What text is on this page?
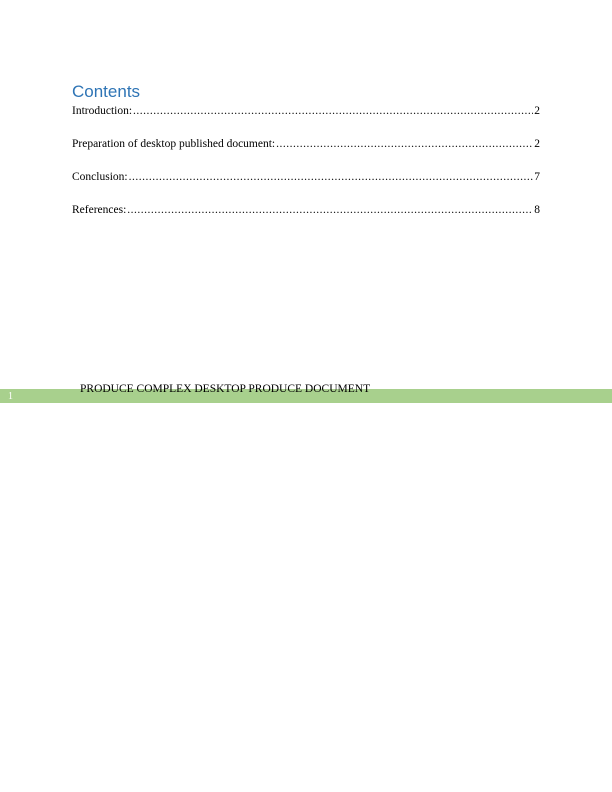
Contents
Introduction: .....	2
Preparation of desktop published document: .....	2
Conclusion: .....	7
References: .....	8
1
PRODUCE COMPLEX DESKTOP PRODUCE DOCUMENT
